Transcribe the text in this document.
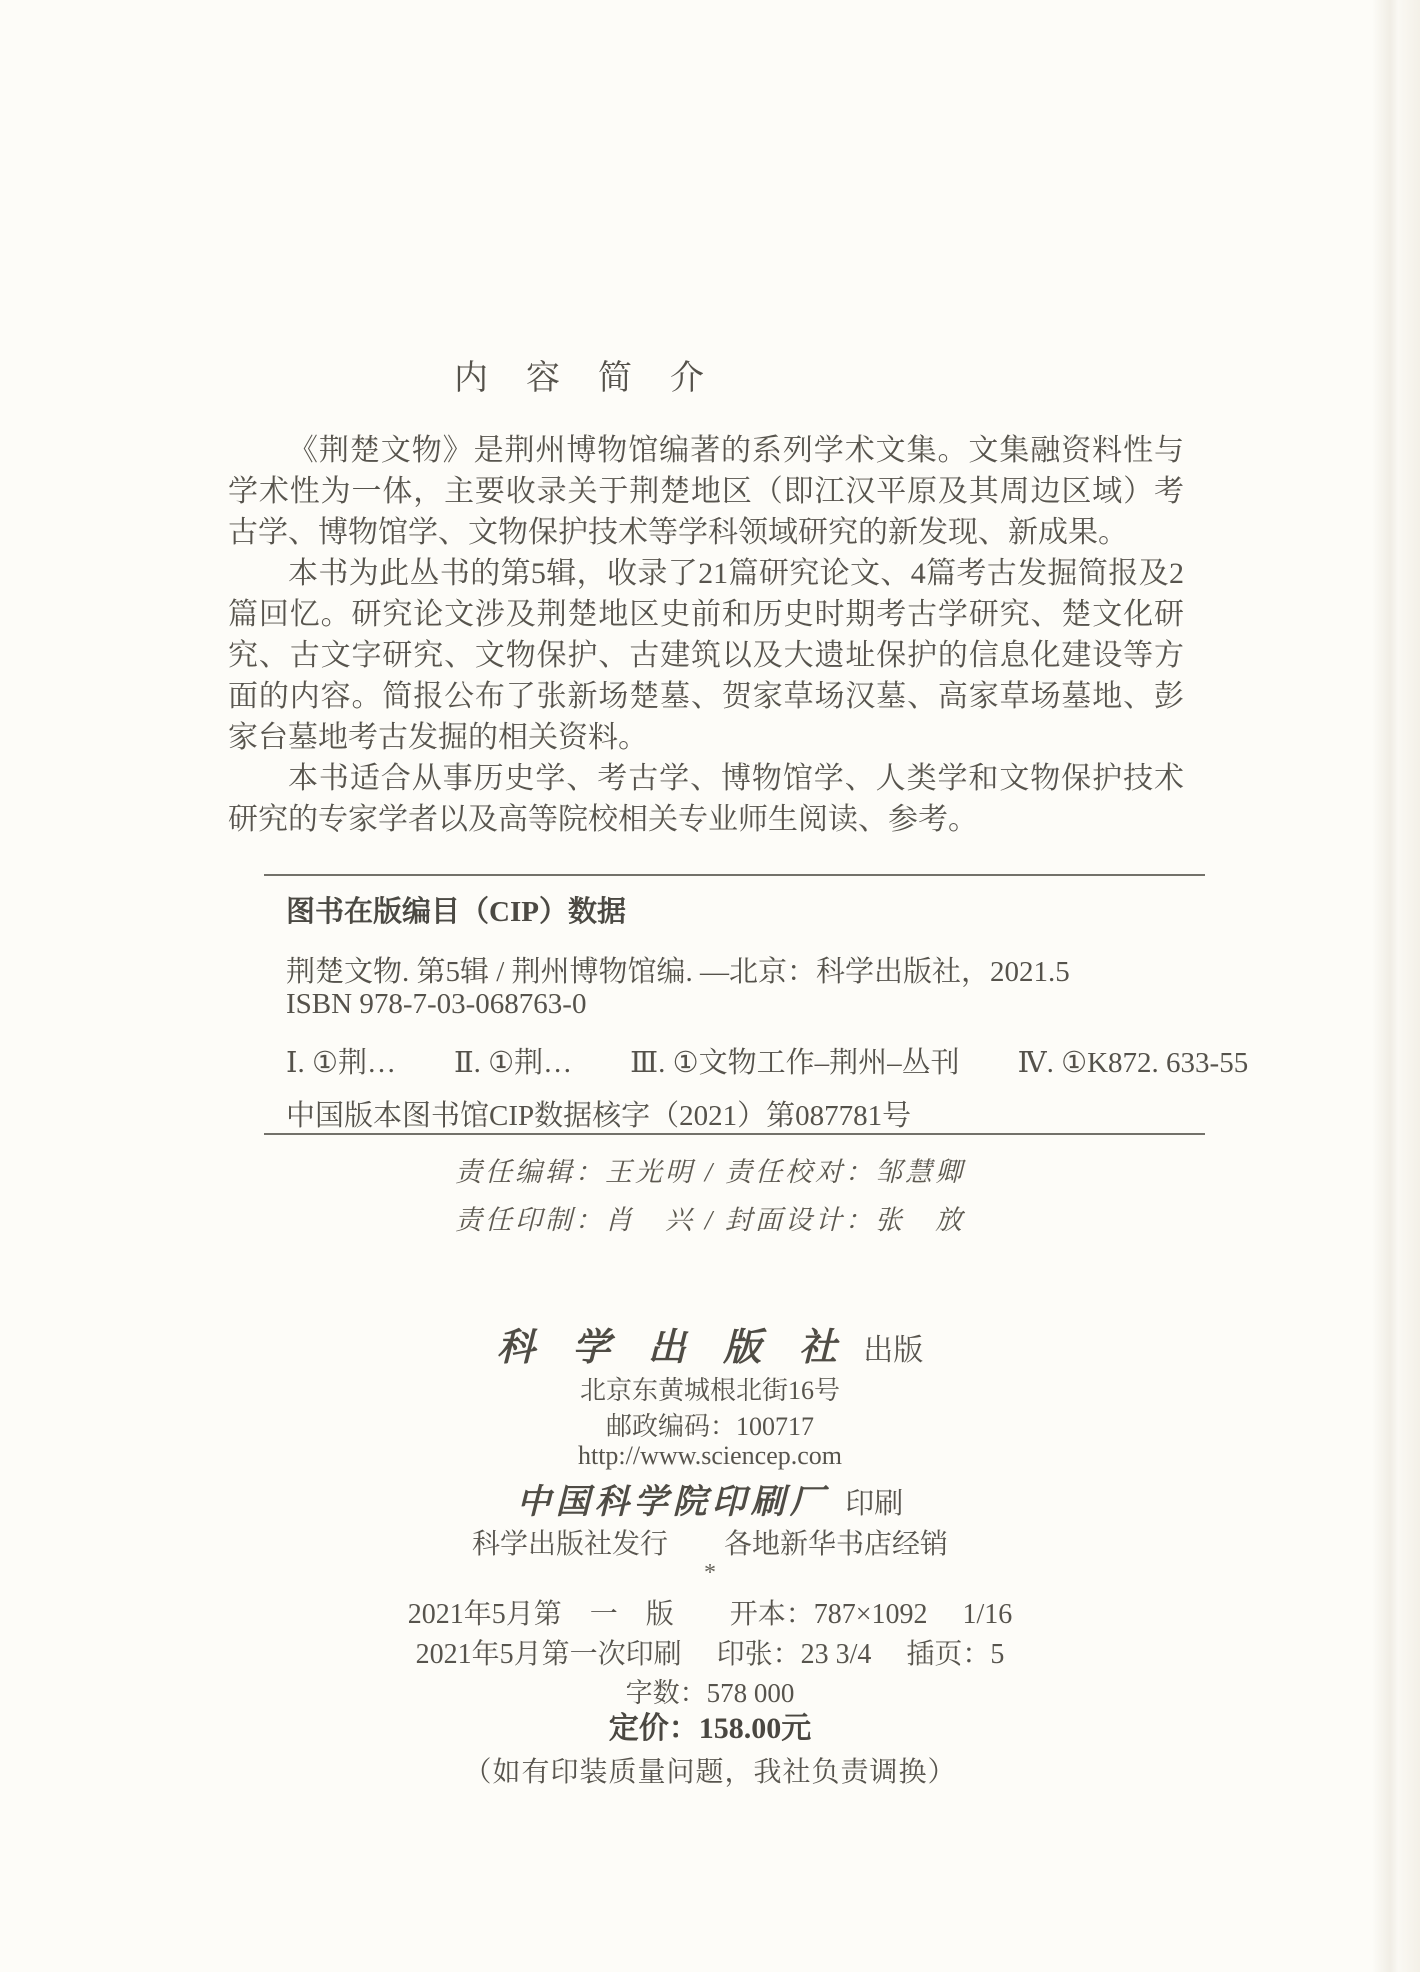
内　容　简　介

《荆楚文物》是荆州博物馆编著的系列学术文集。文集融资料性与学术性为一体，主要收录关于荆楚地区（即江汉平原及其周边区域）考古学、博物馆学、文物保护技术等学科领域研究的新发现、新成果。

本书为此丛书的第5辑，收录了21篇研究论文、4篇考古发掘简报及2篇回忆。研究论文涉及荆楚地区史前和历史时期考古学研究、楚文化研究、古文字研究、文物保护、古建筑以及大遗址保护的信息化建设等方面的内容。简报公布了张新场楚墓、贺家草场汉墓、高家草场墓地、彭家台墓地考古发掘的相关资料。

本书适合从事历史学、考古学、博物馆学、人类学和文物保护技术研究的专家学者以及高等院校相关专业师生阅读、参考。

图书在版编目（CIP）数据
荆楚文物. 第5辑 / 荆州博物馆编. —北京：科学出版社，2021.5
ISBN 978-7-03-068763-0
Ⅰ. ①荆…　　Ⅱ. ①荆…　　Ⅲ. ①文物工作–荆州–丛刊　　Ⅳ. ①K872. 633-55
中国版本图书馆CIP数据核字（2021）第087781号
责任编辑：王光明 / 责任校对：邹慧卿
责任印制：肖　兴 / 封面设计：张　放
科 学 出 版 社 出版
北京东黄城根北街16号
邮政编码：100717
http://www.sciencep.com
中国科学院印刷厂 印刷
科学出版社发行　　各地新华书店经销
*
2021年5月第　一　版　　开本：787×1092　 1/16
2021年5月第一次印刷　 印张：23 3/4　 插页：5
字数：578 000
定价：158.00元
（如有印装质量问题，我社负责调换）
